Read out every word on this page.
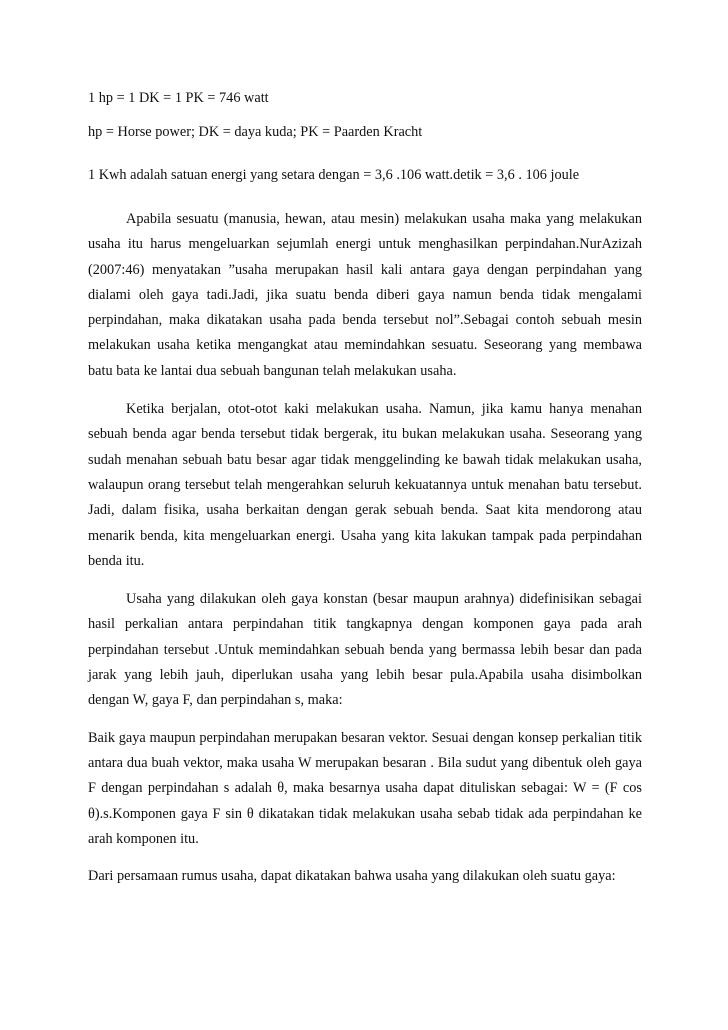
1 hp = 1 DK = 1 PK = 746 watt

hp = Horse power; DK = daya kuda; PK = Paarden Kracht

1 Kwh adalah satuan energi yang setara dengan = 3,6 .106 watt.detik = 3,6 . 106 joule

Apabila sesuatu (manusia, hewan, atau mesin) melakukan usaha maka yang melakukan usaha itu harus mengeluarkan sejumlah energi untuk menghasilkan perpindahan.NurAzizah (2007:46) menyatakan ”usaha merupakan hasil kali antara gaya dengan perpindahan yang dialami oleh gaya tadi.Jadi, jika suatu benda diberi gaya namun benda tidak mengalami perpindahan, maka dikatakan usaha pada benda tersebut nol”.Sebagai contoh sebuah mesin melakukan usaha ketika mengangkat atau memindahkan sesuatu. Seseorang yang membawa batu bata ke lantai dua sebuah bangunan telah melakukan usaha.

Ketika berjalan, otot-otot kaki melakukan usaha. Namun, jika kamu hanya menahan sebuah benda agar benda tersebut tidak bergerak, itu bukan melakukan usaha. Seseorang yang sudah menahan sebuah batu besar agar tidak menggelinding ke bawah tidak melakukan usaha, walaupun orang tersebut telah mengerahkan seluruh kekuatannya untuk menahan batu tersebut. Jadi, dalam fisika, usaha berkaitan dengan gerak sebuah benda. Saat kita mendorong atau menarik benda, kita mengeluarkan energi. Usaha yang kita lakukan tampak pada perpindahan benda itu.

Usaha yang dilakukan oleh gaya konstan (besar maupun arahnya) didefinisikan sebagai hasil perkalian antara perpindahan titik tangkapnya dengan komponen gaya pada arah perpindahan tersebut .Untuk memindahkan sebuah benda yang bermassa lebih besar dan pada jarak yang lebih jauh, diperlukan usaha yang lebih besar pula.Apabila usaha disimbolkan dengan W, gaya F, dan perpindahan s, maka:

Baik gaya maupun perpindahan merupakan besaran vektor. Sesuai dengan konsep perkalian titik antara dua buah vektor, maka usaha W merupakan besaran . Bila sudut yang dibentuk oleh gaya F dengan perpindahan s adalah θ, maka besarnya usaha dapat dituliskan sebagai: W = (F cos θ).s.Komponen gaya F sin θ dikatakan tidak melakukan usaha sebab tidak ada perpindahan ke arah komponen itu.

Dari persamaan rumus usaha, dapat dikatakan bahwa usaha yang dilakukan oleh suatu gaya:
